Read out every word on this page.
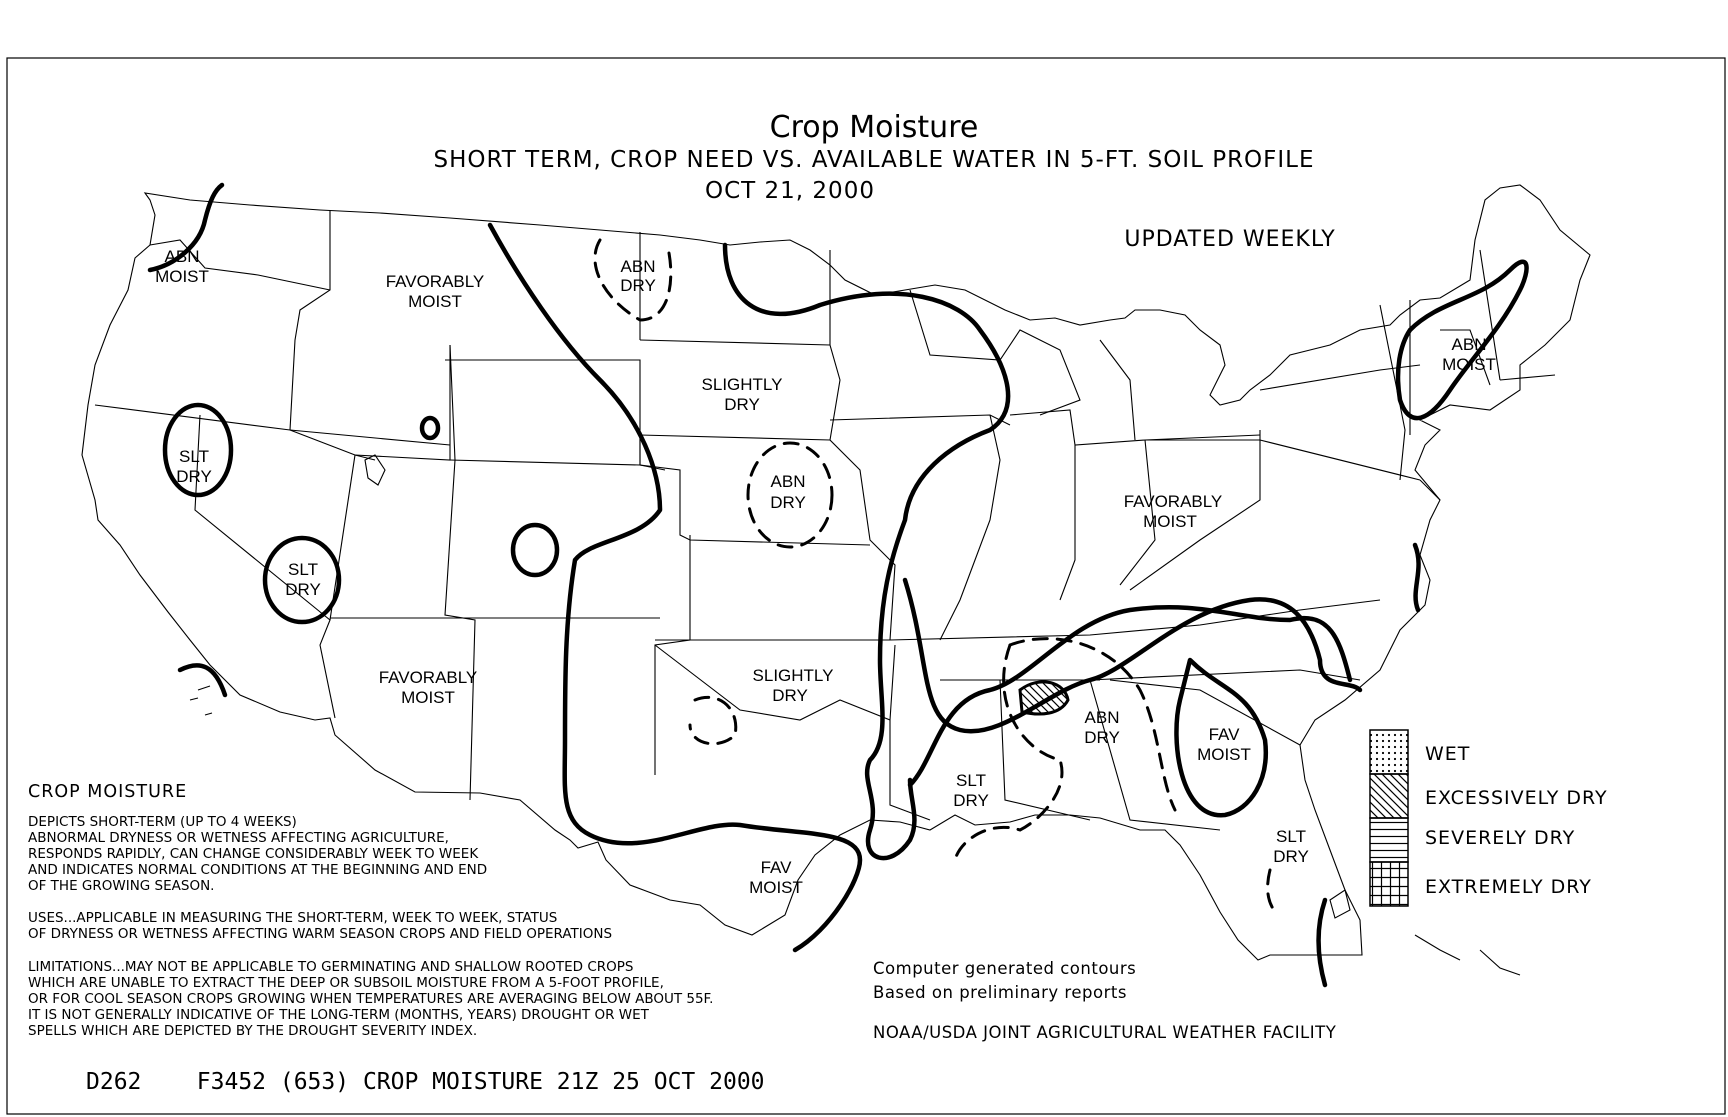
Crop Moisture
SHORT TERM, CROP NEED VS. AVAILABLE WATER IN 5-FT. SOIL PROFILE
OCT 21, 2000
UPDATED WEEKLY
ABN
MOIST	FAVORABLY
MOIST
ABN
DRY
SLIGHTLY
DRY
ABN
DRY
SLT
DRY
SLT
DRY
FAVORABLY
MOIST
SLIGHTLY
DRY
FAV
MOIST
FAVORABLY
MOIST
ABN
MOIST
ABN
DRY
SLT
DRY
FAV
MOIST
SLT
DRY
WET
EXCESSIVELY DRY
SEVERELY DRY
EXTREMELY DRY
CROP MOISTURE
DEPICTS SHORT-TERM (UP TO 4 WEEKS)
ABNORMAL DRYNESS OR WETNESS AFFECTING AGRICULTURE,
RESPONDS RAPIDLY, CAN CHANGE CONSIDERABLY WEEK TO WEEK
AND INDICATES NORMAL CONDITIONS AT THE BEGINNING AND END
OF THE GROWING SEASON.
USES...APPLICABLE IN MEASURING THE SHORT-TERM, WEEK TO WEEK, STATUS
OF DRYNESS OR WETNESS AFFECTING WARM SEASON CROPS AND FIELD OPERATIONS
LIMITATIONS...MAY NOT BE APPLICABLE TO GERMINATING AND SHALLOW ROOTED CROPS
WHICH ARE UNABLE TO EXTRACT THE DEEP OR SUBSOIL MOISTURE FROM A 5-FOOT PROFILE,
OR FOR COOL SEASON CROPS GROWING WHEN TEMPERATURES ARE AVERAGING BELOW ABOUT 55F.
IT IS NOT GENERALLY INDICATIVE OF THE LONG-TERM (MONTHS, YEARS) DROUGHT OR WET
SPELLS WHICH ARE DEPICTED BY THE DROUGHT SEVERITY INDEX.
Computer generated contours
Based on preliminary reports
NOAA/USDA JOINT AGRICULTURAL WEATHER FACILITY
D262    F3452 (653) CROP MOISTURE 21Z 25 OCT 2000
